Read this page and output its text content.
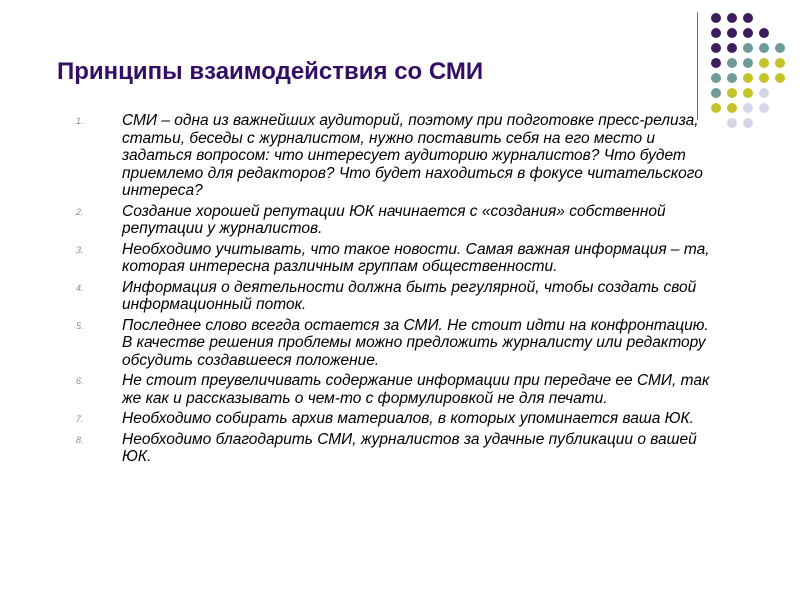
Принципы взаимодействия со СМИ
1. СМИ – одна из важнейших аудиторий, поэтому при подготовке пресс-релиза, статьи, беседы с журналистом, нужно поставить себя на его место и задаться вопросом: что интересует аудиторию журналистов? Что будет приемлемо для редакторов? Что будет находиться в фокусе читательского интереса?
2. Создание хорошей репутации ЮК начинается с «создания» собственной репутации у журналистов.
3. Необходимо учитывать, что такое новости. Самая важная информация – та, которая интересна различным группам общественности.
4. Информация о деятельности должна быть регулярной, чтобы создать свой информационный поток.
5. Последнее слово всегда остается за СМИ. Не стоит идти на конфронтацию. В качестве решения проблемы можно предложить журналисту или редактору обсудить создавшееся положение.
6. Не стоит преувеличивать содержание информации при передаче ее СМИ, так же как и рассказывать о чем-то с формулировкой не для печати.
7. Необходимо собирать архив материалов, в которых упоминается ваша ЮК.
8. Необходимо благодарить СМИ, журналистов за удачные публикации о вашей ЮК.
